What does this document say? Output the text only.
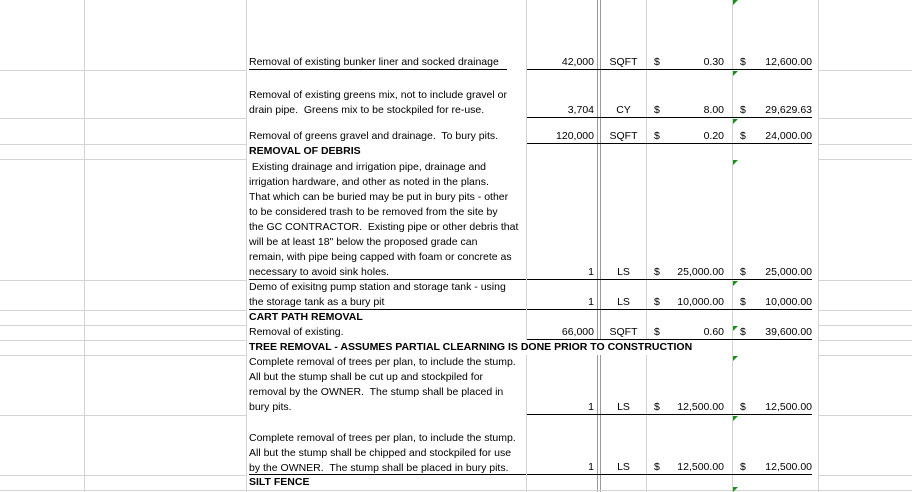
Removal of existing bunker liner and socked drainage	42,000	SQFT	$	0.30 $	12,600.00
Removal of existing greens mix, not to include gravel or
drain pipe.  Greens mix to be stockpiled for re-use.	3,704	CY	$	8.00 $	29,629.63
Removal of greens gravel and drainage.  To bury pits.	120,000	SQFT	$	0.20 $	24,000.00
REMOVAL OF DEBRIS
Existing drainage and irrigation pipe, drainage and
irrigation hardware, and other as noted in the plans.
That which can be buried may be put in bury pits - other
to be considered trash to be removed from the site by
the GC CONTRACTOR.  Existing pipe or other debris that
will be at least 18" below the proposed grade can
remain, with pipe being capped with foam or concrete as
necessary to avoid sink holes.	1	LS	$	25,000.00 $	25,000.00
Demo of exisitng pump station and storage tank - using
the storage tank as a bury pit	1	LS	$	10,000.00 $	10,000.00
CART PATH REMOVAL
Removal of existing.	66,000	SQFT	$	0.60 $	39,600.00
TREE REMOVAL - ASSUMES PARTIAL CLEARNING IS DONE PRIOR TO CONSTRUCTION
Complete removal of trees per plan, to include the stump.
All but the stump shall be cut up and stockpiled for
removal by the OWNER.  The stump shall be placed in
bury pits.	1	LS	$	12,500.00 $	12,500.00
Complete removal of trees per plan, to include the stump.
All but the stump shall be chipped and stockpiled for use
by the OWNER.  The stump shall be placed in bury pits.	1	LS	$	12,500.00 $	12,500.00
SILT FENCE
